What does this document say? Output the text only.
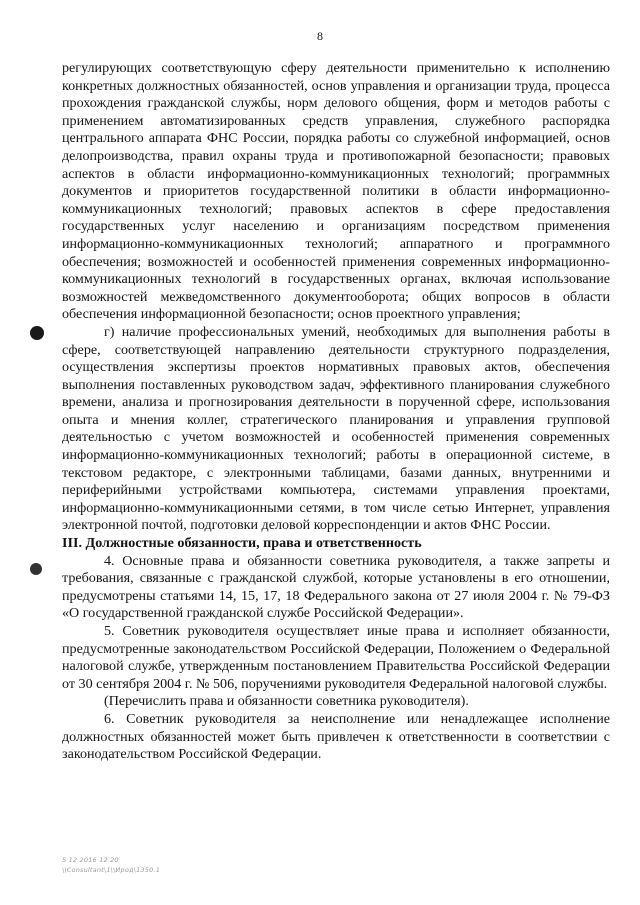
8

регулирующих соответствующую сферу деятельности применительно к исполнению конкретных должностных обязанностей, основ управления и организации труда, процесса прохождения гражданской службы, норм делового общения, форм и методов работы с применением автоматизированных средств управления, служебного распорядка центрального аппарата ФНС России, порядка работы со служебной информацией, основ делопроизводства, правил охраны труда и противопожарной безопасности; правовых аспектов в области информационно-коммуникационных технологий; программных документов и приоритетов государственной политики в области информационно-коммуникационных технологий; правовых аспектов в сфере предоставления государственных услуг населению и организациям посредством применения информационно-коммуникационных технологий; аппаратного и программного обеспечения; возможностей и особенностей применения современных информационно-коммуникационных технологий в государственных органах, включая использование возможностей межведомственного документооборота; общих вопросов в области обеспечения информационной безопасности; основ проектного управления;

г) наличие профессиональных умений, необходимых для выполнения работы в сфере, соответствующей направлению деятельности структурного подразделения, осуществления экспертизы проектов нормативных правовых актов, обеспечения выполнения поставленных руководством задач, эффективного планирования служебного времени, анализа и прогнозирования деятельности в порученной сфере, использования опыта и мнения коллег, стратегического планирования и управления групповой деятельностью с учетом возможностей и особенностей применения современных информационно-коммуникационных технологий; работы в операционной системе, в текстовом редакторе, с электронными таблицами, базами данных, внутренними и периферийными устройствами компьютера, системами управления проектами, информационно-коммуникационными сетями, в том числе сетью Интернет, управления электронной почтой, подготовки деловой корреспонденции и актов ФНС России.

III. Должностные обязанности, права и ответственность

4. Основные права и обязанности советника руководителя, а также запреты и требования, связанные с гражданской службой, которые установлены в его отношении, предусмотрены статьями 14, 15, 17, 18 Федерального закона от 27 июля 2004 г. № 79-ФЗ «О государственной гражданской службе Российской Федерации».

5. Советник руководителя осуществляет иные права и исполняет обязанности, предусмотренные законодательством Российской Федерации, Положением о Федеральной налоговой службе, утвержденным постановлением Правительства Российской Федерации от 30 сентября 2004 г. № 506, поручениями руководителя Федеральной налоговой службы.

(Перечислить права и обязанности советника руководителя).

6. Советник руководителя за неисполнение или ненадлежащее исполнение должностных обязанностей может быть привлечен к ответственности в соответствии с законодательством Российской Федерации.

5 12 2016 12 20
\\Consultant\1\\Ирод\1350.1
